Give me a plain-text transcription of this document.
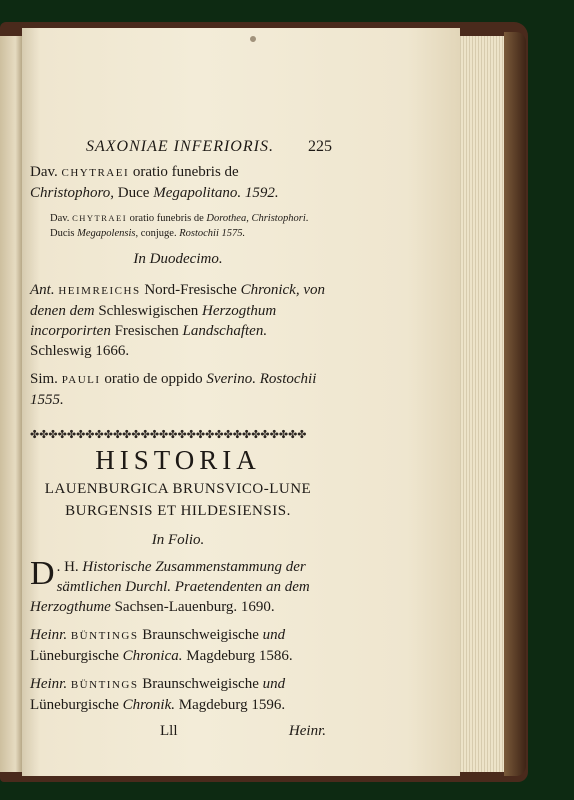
SAXONIAE INFERIORIS. 225

Dav. CHYTRAEI oratio funebris de Christophoro, Duce Megapolitano. 1592.

Dav. CHYTRAEI oratio funebris de Dorothea, Christophori. Ducis Megapolensis, conjuge. Rostochii 1575.

In Duodecimo.

Ant. HEIMREICHS Nord-Fresische Chronick, von denen dem Schleswigischen Herzogthum incorporirten Fresischen Landschaften. Schleswig 1666.

Sim. PAULI oratio de oppido Sverino. Rostochii 1555.

✤✤✤✤✤✤✤✤✤✤✤✤✤✤✤✤✤✤✤✤✤✤✤✤✤✤✤✤✤✤

HISTORIA

LAUENBURGICA BRUNSVICO-LUNE

BURGENSIS ET HILDESIENSIS.

In Folio.

D . H. Historische Zusammenstammung der sämtlichen Durchl. Praetendenten an dem Herzogthume Sachsen-Lauenburg. 1690.

Heinr. BÜNTINGS Braunschweigische und Lüneburgische Chronica. Magdeburg 1586.

Heinr. BÜNTINGS Braunschweigische und Lüneburgische Chronik. Magdeburg 1596.

Lll	Heinr.
